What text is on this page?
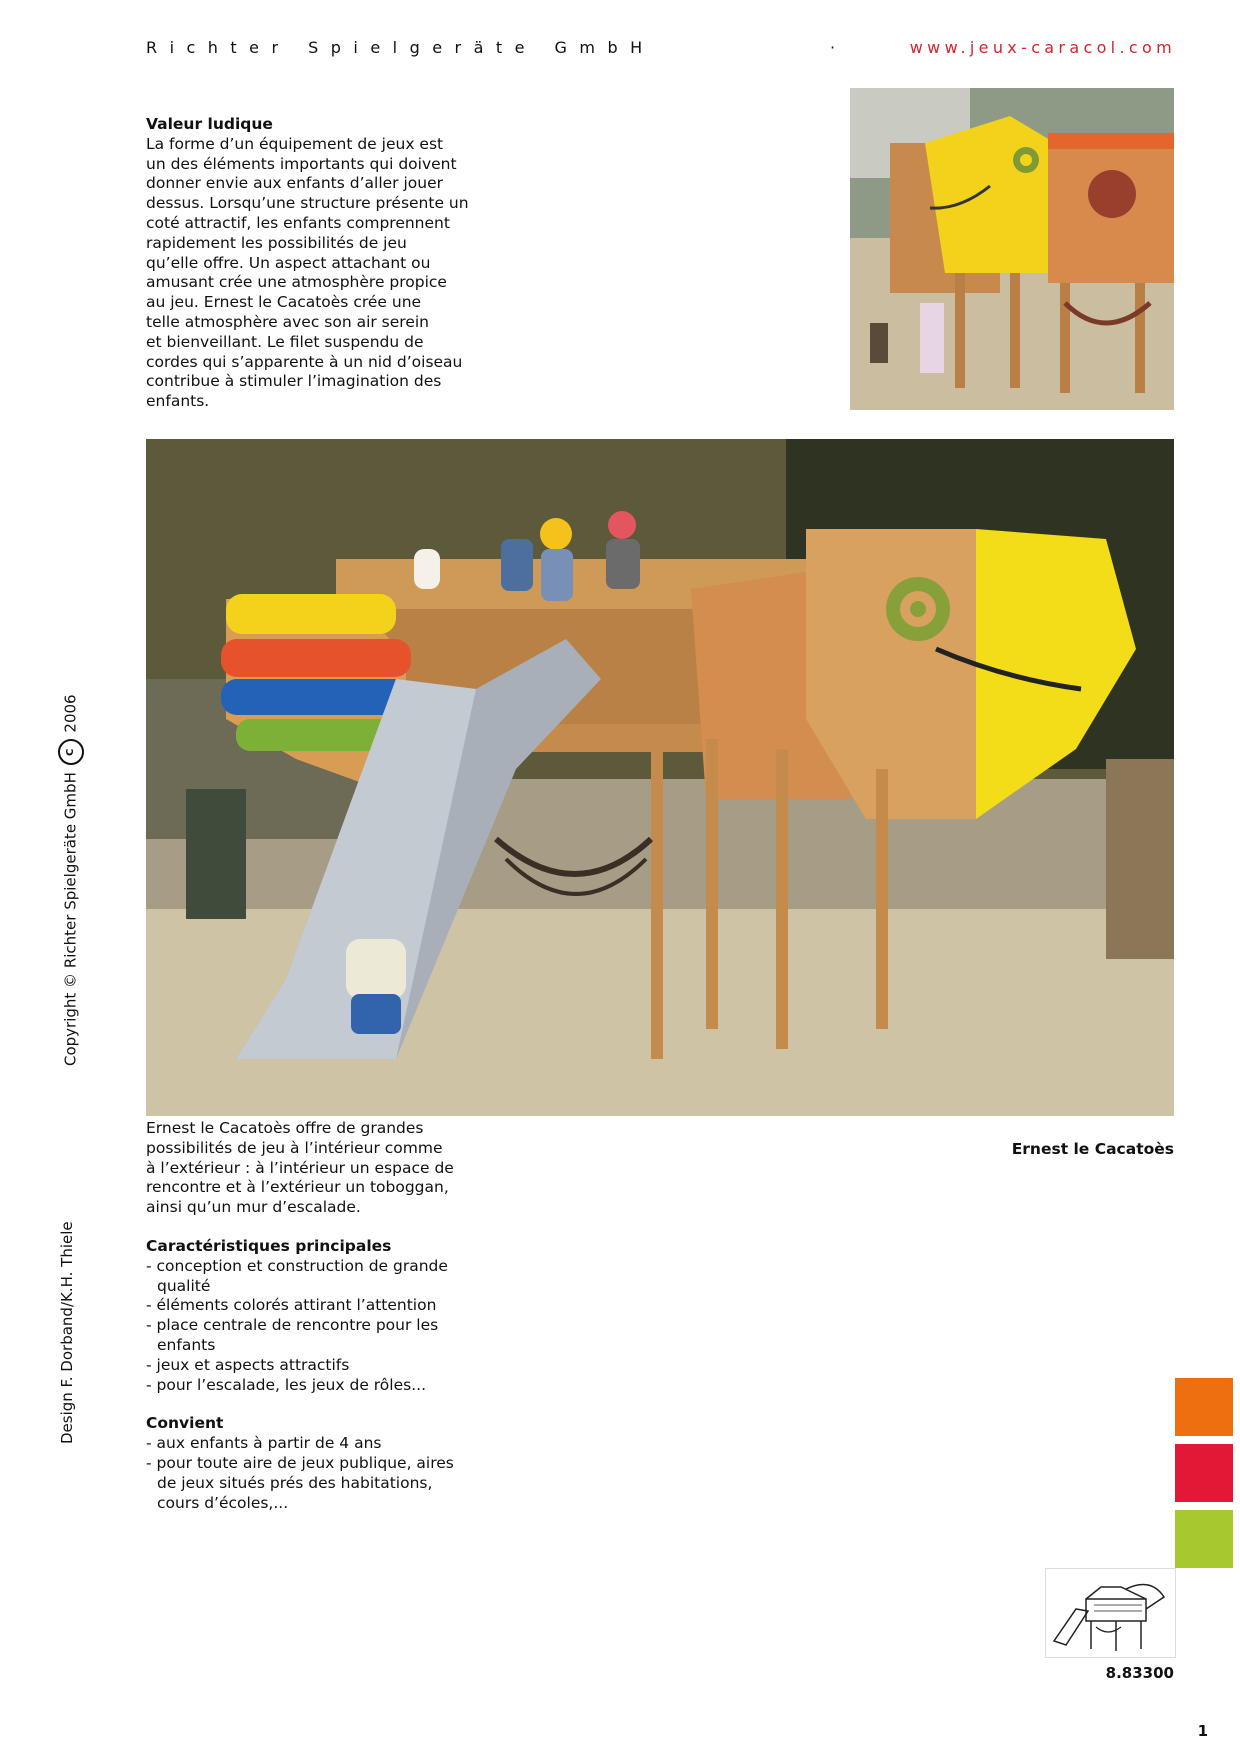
Richter Spielgeräte GmbH	·	www.jeux-caracol.com

Valeur ludique

La forme d’un équipement de jeux est

un des éléments importants qui doivent

donner envie aux enfants d’aller jouer

dessus. Lorsqu’une structure présente un

coté attractif, les enfants comprennent

rapidement les possibilités de jeu

qu’elle offre. Un aspect attachant ou

amusant crée une atmosphère propice

au jeu. Ernest le Cacatoès crée une

telle atmosphère avec son air serein

et bienveillant. Le filet suspendu de

cordes qui s’apparente à un nid d’oiseau

contribue à stimuler l’imagination des

enfants.

Ernest le Cacatoès offre de grandes

possibilités de jeu à l’intérieur comme

à l’extérieur : à l’intérieur un espace de

rencontre et à l’extérieur un toboggan,

ainsi qu’un mur d’escalade.

Caractéristiques principales

- conception et construction de grande qualité

- éléments colorés attirant l’attention

- place centrale de rencontre pour les enfants

- jeux et aspects attractifs

- pour l’escalade, les jeux de rôles...

Convient

- aux enfants à partir de 4 ans

- pour toute aire de jeux publique, aires de jeux situés prés des habitations, cours d’écoles,...

Ernest le Cacatoès
Copyright © Richter Spielgeräte GmbH C 2006
Design F. Dorband/K.H. Thiele
8.83300
1
